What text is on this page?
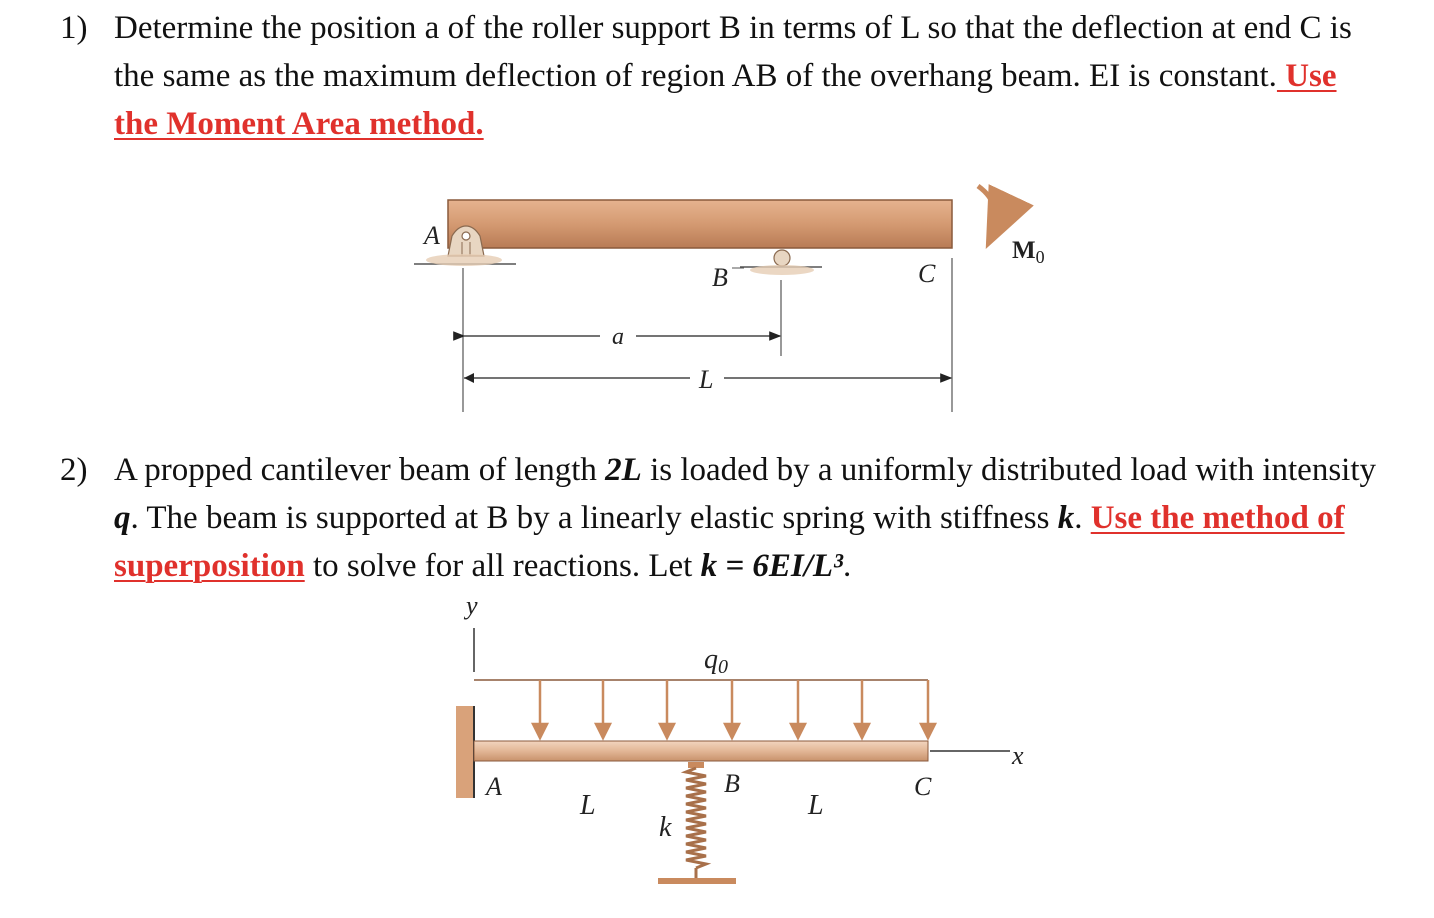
1) Determine the position a of the roller support B in terms of L so that the deflection at end C is the same as the maximum deflection of region AB of the overhang beam. EI is constant. Use the Moment Area method.
2) A propped cantilever beam of length 2L is loaded by a uniformly distributed load with intensity q. The beam is supported at B by a linearly elastic spring with stiffness k. Use the method of superposition to solve for all reactions. Let k = 6EI/L³.
A
B	C
$M_0$
a
L
y
x
q0
A	B	C
L	L
k
